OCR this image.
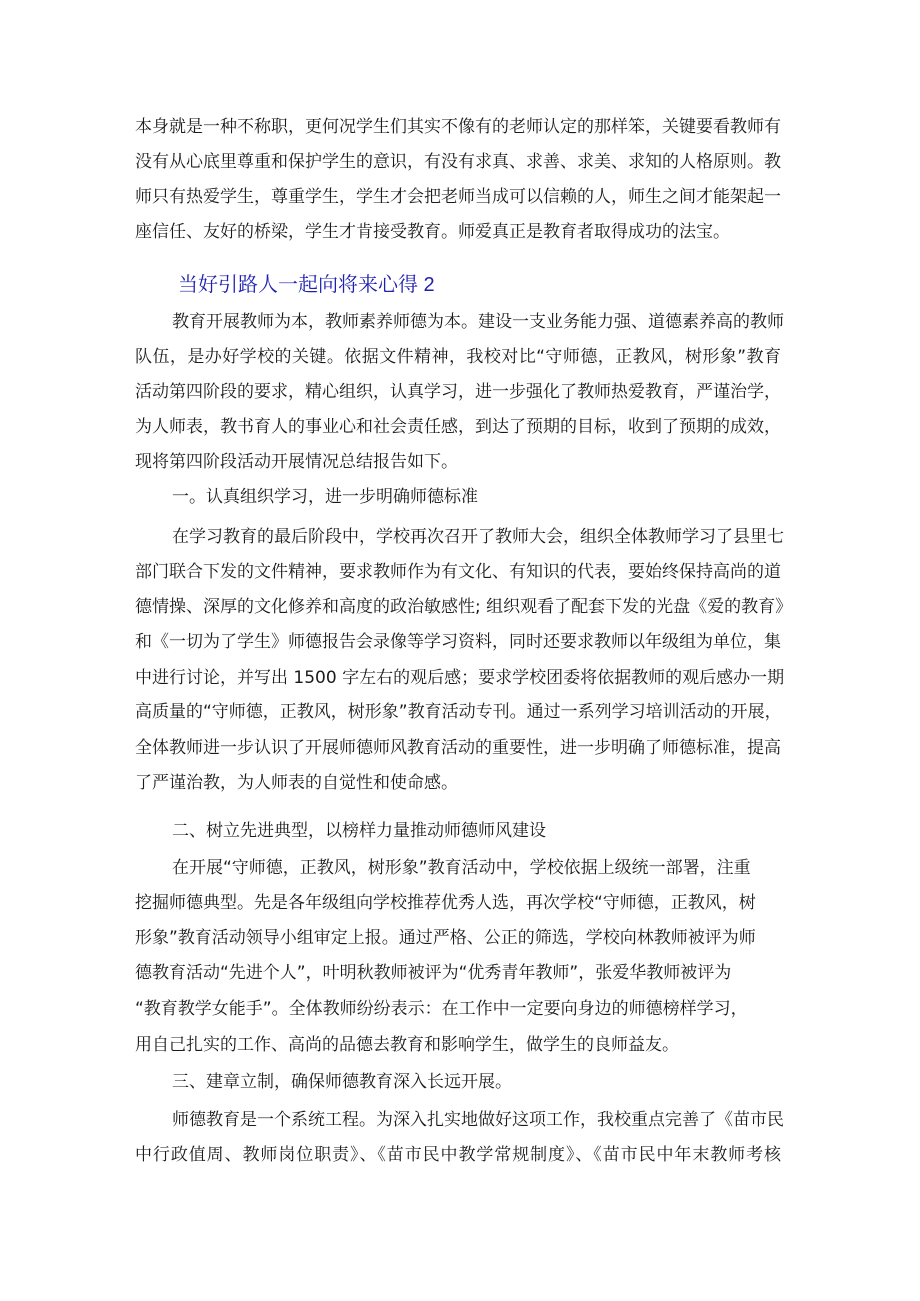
本身就是一种不称职，更何况学生们其实不像有的老师认定的那样笨，关键要看教师有
没有从心底里尊重和保护学生的意识，有没有求真、求善、求美、求知的人格原则。教
师只有热爱学生，尊重学生，学生才会把老师当成可以信赖的人，师生之间才能架起一
座信任、友好的桥梁，学生才肯接受教育。师爱真正是教育者取得成功的法宝。
当好引路人一起向将来心得 2
教育开展教师为本，教师素养师德为本。建设一支业务能力强、道德素养高的教师
队伍，是办好学校的关键。依据文件精神，我校对比“守师德，正教风，树形象”教育
活动第四阶段的要求，精心组织，认真学习，进一步强化了教师热爱教育，严谨治学，
为人师表，教书育人的事业心和社会责任感，到达了预期的目标，收到了预期的成效，
现将第四阶段活动开展情况总结报告如下。
一。认真组织学习，进一步明确师德标准
在学习教育的最后阶段中，学校再次召开了教师大会，组织全体教师学习了县里七
部门联合下发的文件精神，要求教师作为有文化、有知识的代表，要始终保持高尚的道
德情操、深厚的文化修养和高度的政治敏感性; 组织观看了配套下发的光盘《爱的教育》
和《一切为了学生》师德报告会录像等学习资料，同时还要求教师以年级组为单位，集
中进行讨论，并写出 1500 字左右的观后感；要求学校团委将依据教师的观后感办一期
高质量的“守师德，正教风，树形象”教育活动专刊。通过一系列学习培训活动的开展，
全体教师进一步认识了开展师德师风教育活动的重要性，进一步明确了师德标准，提高
了严谨治教，为人师表的自觉性和使命感。
二、树立先进典型，以榜样力量推动师德师风建设
在开展“守师德，正教风，树形象”教育活动中，学校依据上级统一部署，注重
挖掘师德典型。先是各年级组向学校推荐优秀人选，再次学校“守师德，正教风，树
形象”教育活动领导小组审定上报。通过严格、公正的筛选，学校向林教师被评为师
德教育活动“先进个人”，叶明秋教师被评为“优秀青年教师”，张爱华教师被评为
“教育教学女能手”。全体教师纷纷表示：在工作中一定要向身边的师德榜样学习，
用自己扎实的工作、高尚的品德去教育和影响学生，做学生的良师益友。
三、建章立制，确保师德教育深入长远开展。
师德教育是一个系统工程。为深入扎实地做好这项工作，我校重点完善了《苗市民
中行政值周、教师岗位职责》、《苗市民中教学常规制度》、《苗市民中年末教师考核
